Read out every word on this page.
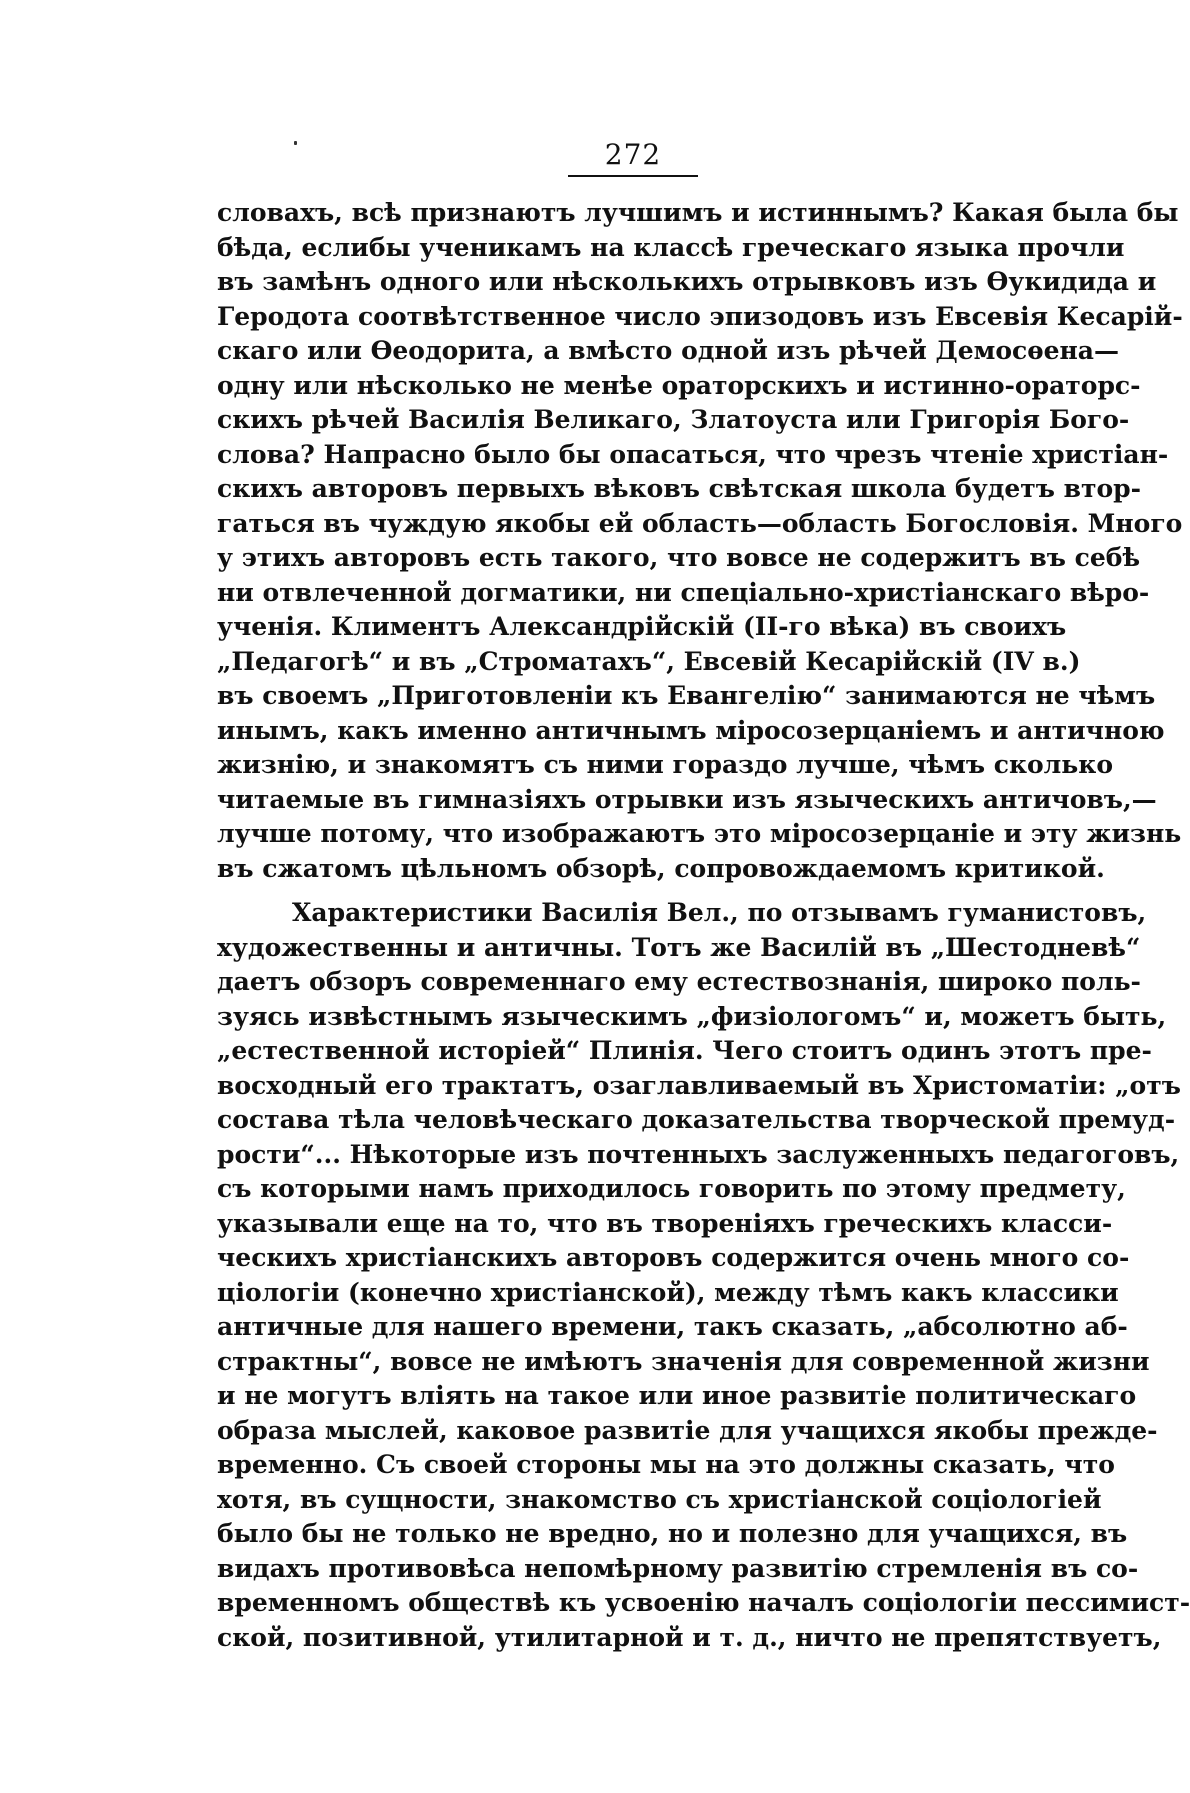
272
словахъ, всѣ признаютъ лучшимъ и истиннымъ? Какая была бы
бѣда, еслибы ученикамъ на классѣ греческаго языка прочли
въ замѣнъ одного или нѣсколькихъ отрывковъ изъ Ѳукидида и
Геродота соотвѣтственное число эпизодовъ изъ Евсевія Кесарій-
скаго или Ѳеодорита, а вмѣсто одной изъ рѣчей Демосѳена—
одну или нѣсколько не менѣе ораторскихъ и истинно-ораторс-
скихъ рѣчей Василія Великаго, Златоуста или Григорія Бого-
слова? Напрасно было бы опасаться, что чрезъ чтеніе христіан-
скихъ авторовъ первыхъ вѣковъ свѣтская школа будетъ втор-
гаться въ чуждую якобы ей область—область Богословія. Много
у этихъ авторовъ есть такого, что вовсе не содержитъ въ себѣ
ни отвлеченной догматики, ни спеціально-христіанскаго вѣро-
ученія. Климентъ Александрійскій (II-го вѣка) въ своихъ
„Педагогѣ“ и въ „Строматахъ“, Евсевій Кесарійскій (IV в.)
въ своемъ „Приготовленіи къ Евангелію“ занимаются не чѣмъ
инымъ, какъ именно античнымъ міросозерцаніемъ и античною
жизнію, и знакомятъ съ ними гораздо лучше, чѣмъ сколько
читаемые въ гимназіяхъ отрывки изъ языческихъ античовъ,—
лучше потому, что изображаютъ это міросозерцаніе и эту жизнь
въ сжатомъ цѣльномъ обзорѣ, сопровождаемомъ критикой.
Характеристики Василія Вел., по отзывамъ гуманистовъ,
художественны и античны. Тотъ же Василій въ „Шестодневѣ“
даетъ обзоръ современнаго ему естествознанія, широко поль-
зуясь извѣстнымъ языческимъ „физіологомъ“ и, можетъ быть,
„естественной исторіей“ Плинія. Чего стоитъ одинъ этотъ пре-
восходный его трактатъ, озаглавливаемый въ Христоматіи: „отъ
состава тѣла человѣческаго доказательства творческой премуд-
рости“... Нѣкоторые изъ почтенныхъ заслуженныхъ педагоговъ,
съ которыми намъ приходилось говорить по этому предмету,
указывали еще на то, что въ твореніяхъ греческихъ класси-
ческихъ христіанскихъ авторовъ содержится очень много со-
ціологіи (конечно христіанской), между тѣмъ какъ классики
античные для нашего времени, такъ сказать, „абсолютно аб-
страктны“, вовсе не имѣютъ значенія для современной жизни
и не могутъ вліять на такое или иное развитіе политическаго
образа мыслей, каковое развитіе для учащихся якобы прежде-
временно. Съ своей стороны мы на это должны сказать, что
хотя, въ сущности, знакомство съ христіанской соціологіей
было бы не только не вредно, но и полезно для учащихся, въ
видахъ противовѣса непомѣрному развитію стремленія въ со-
временномъ обществѣ къ усвоенію началъ соціологіи пессимист-
ской, позитивной, утилитарной и т. д., ничто не препятствуетъ,
